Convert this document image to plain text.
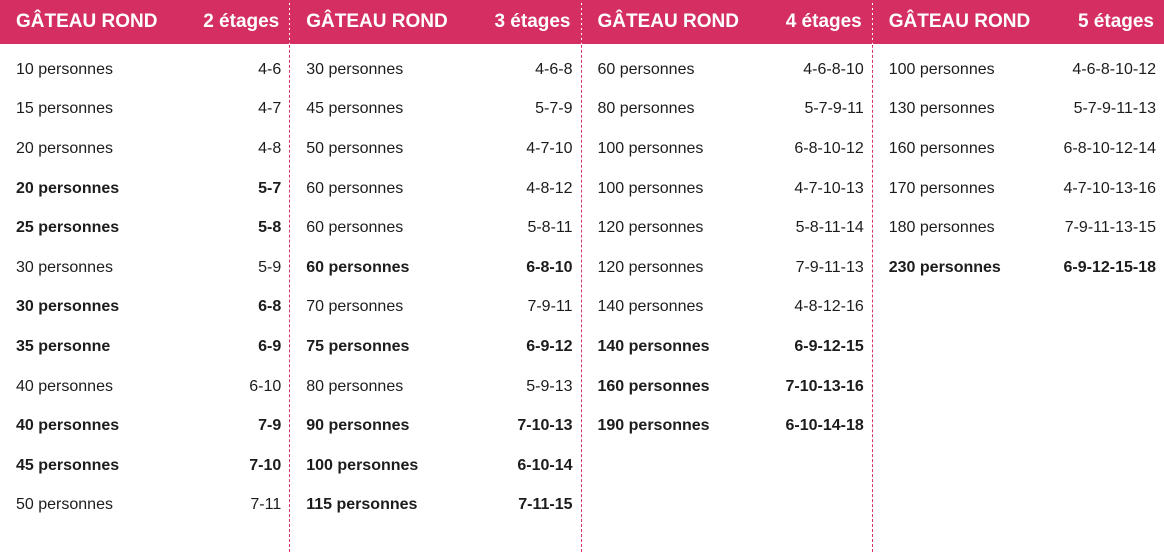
GÂTEAU ROND 2 étages
10 personnes	4-6
15 personnes	4-7
20 personnes	4-8
20 personnes	5-7
25 personnes	5-8
30 personnes	5-9
30 personnes	6-8
35 personne	6-9
40 personnes	6-10
40 personnes	7-9
45 personnes	7-10
50 personnes	7-11
GÂTEAU ROND 3 étages
30 personnes	4-6-8
45 personnes	5-7-9
50 personnes	4-7-10
60 personnes	4-8-12
60 personnes	5-8-11
60 personnes	6-8-10
70 personnes	7-9-11
75 personnes	6-9-12
80 personnes	5-9-13
90 personnes	7-10-13
100 personnes	6-10-14
115 personnes	7-11-15
GÂTEAU ROND 4 étages
60 personnes	4-6-8-10
80 personnes	5-7-9-11
100 personnes	6-8-10-12
100 personnes	4-7-10-13
120 personnes	5-8-11-14
120 personnes	7-9-11-13
140 personnes	4-8-12-16
140 personnes	6-9-12-15
160 personnes	7-10-13-16
190 personnes	6-10-14-18
GÂTEAU ROND	5 étages
100 personnes	4-6-8-10-12
130 personnes	5-7-9-11-13
160 personnes	6-8-10-12-14
170 personnes	4-7-10-13-16
180 personnes	7-9-11-13-15
230 personnes	6-9-12-15-18
